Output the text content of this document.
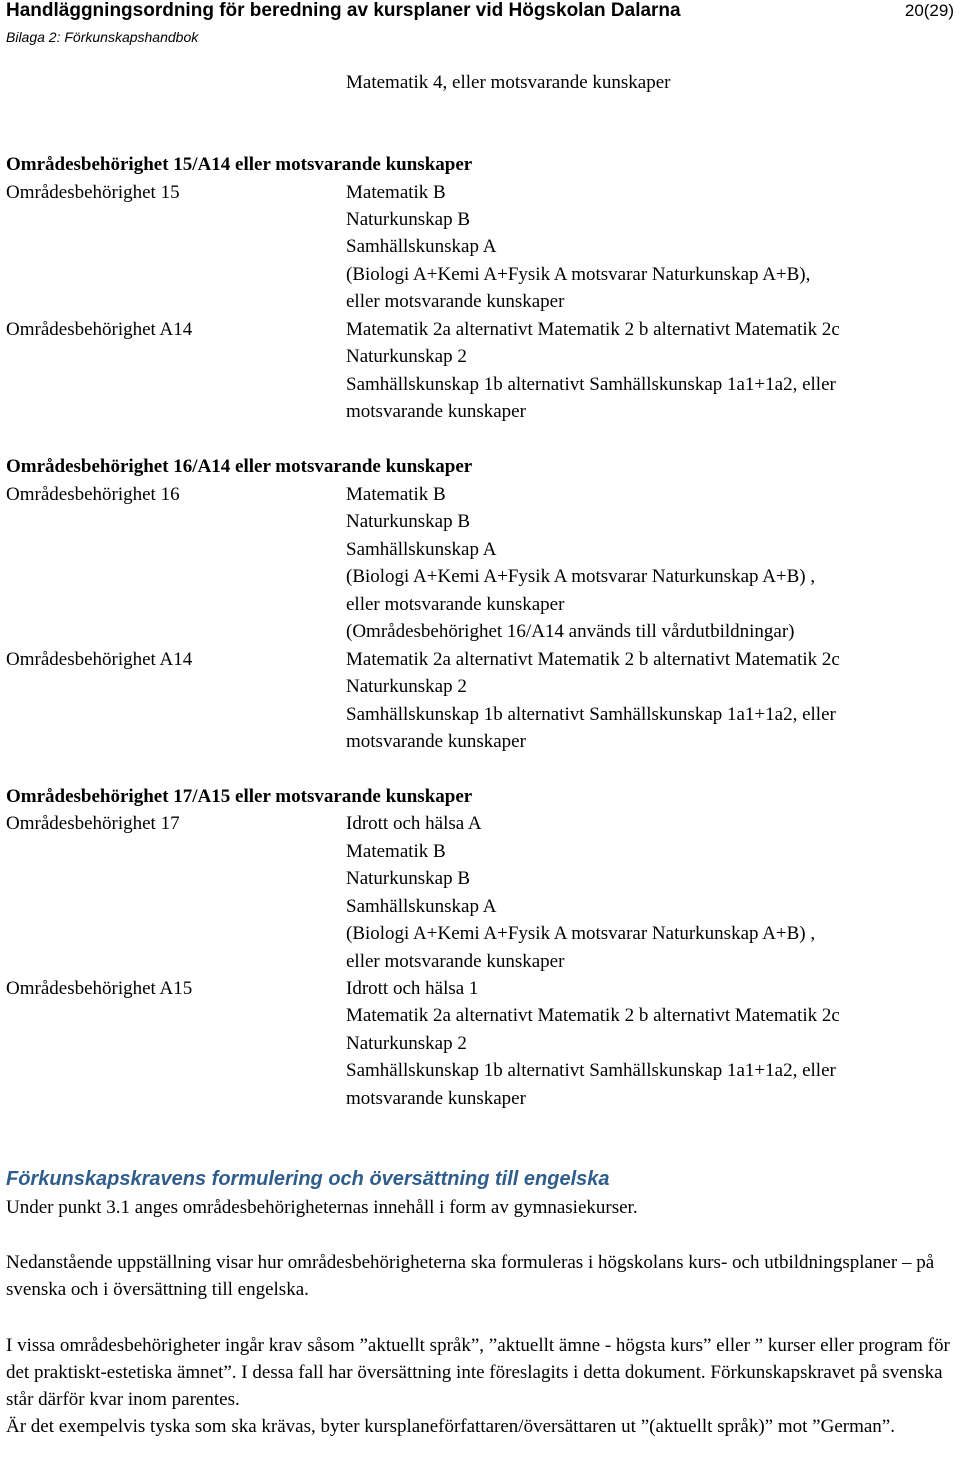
Handläggningsordning för beredning av kursplaner vid Högskolan Dalarna	20(29)
Bilaga 2: Förkunskapshandbok
Matematik 4, eller motsvarande kunskaper
Områdesbehörighet 15/A14 eller motsvarande kunskaper
Områdesbehörighet 15	Matematik B
Naturkunskap B
Samhällskunskap A
(Biologi A+Kemi A+Fysik A motsvarar Naturkunskap A+B),
eller motsvarande kunskaper
Områdesbehörighet A14	Matematik 2a alternativt Matematik 2 b alternativt Matematik 2c
Naturkunskap 2
Samhällskunskap 1b alternativt Samhällskunskap 1a1+1a2, eller
motsvarande kunskaper
Områdesbehörighet 16/A14 eller motsvarande kunskaper
Områdesbehörighet 16	Matematik B
Naturkunskap B
Samhällskunskap A
(Biologi A+Kemi A+Fysik A motsvarar Naturkunskap A+B) ,
eller motsvarande kunskaper
(Områdesbehörighet 16/A14 används till vårdutbildningar)
Områdesbehörighet A14	Matematik 2a alternativt Matematik 2 b alternativt Matematik 2c
Naturkunskap 2
Samhällskunskap 1b alternativt Samhällskunskap 1a1+1a2, eller
motsvarande kunskaper
Områdesbehörighet 17/A15 eller motsvarande kunskaper
Områdesbehörighet 17	Idrott och hälsa A
Matematik B
Naturkunskap B
Samhällskunskap A
(Biologi A+Kemi A+Fysik A motsvarar Naturkunskap A+B) ,
eller motsvarande kunskaper
Områdesbehörighet A15	Idrott och hälsa 1
Matematik 2a alternativt Matematik 2 b alternativt Matematik 2c
Naturkunskap 2
Samhällskunskap 1b alternativt Samhällskunskap 1a1+1a2, eller
motsvarande kunskaper
Förkunskapskravens formulering och översättning till engelska
Under punkt 3.1 anges områdesbehörigheternas innehåll i form av gymnasiekurser.
Nedanstående uppställning visar hur områdesbehörigheterna ska formuleras i högskolans kurs- och utbildningsplaner – på svenska och i översättning till engelska.
I vissa områdesbehörigheter ingår krav såsom ”aktuellt språk”, ”aktuellt ämne - högsta kurs” eller ” kurser eller program för det praktiskt-estetiska ämnet”. I dessa fall har översättning inte föreslagits i detta dokument. Förkunskapskravet på svenska står därför kvar inom parentes.
Är det exempelvis tyska som ska krävas, byter kursplaneförfattaren/översättaren ut ”(aktuellt språk)” mot ”German”.
